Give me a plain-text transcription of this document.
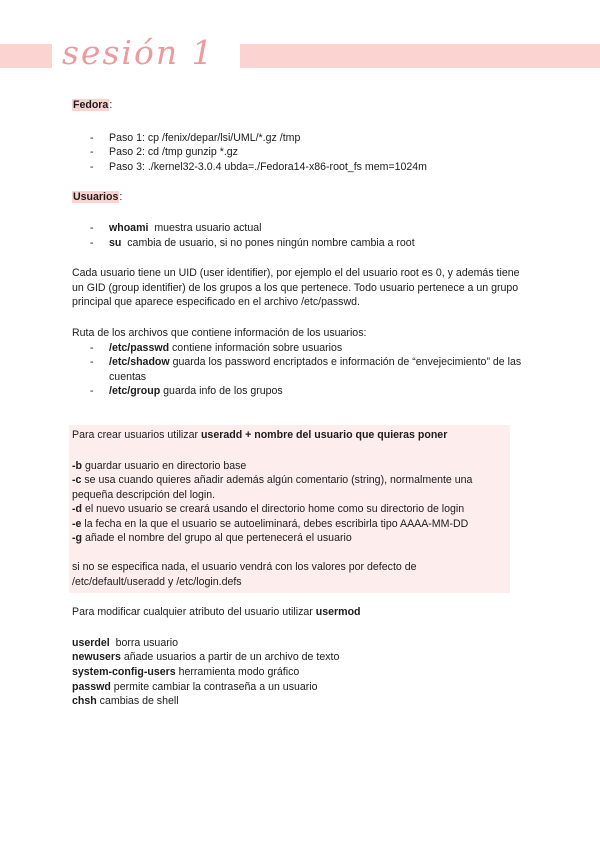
sesión 1

Fedora:

- Paso 1: cp /fenix/depar/lsi/UML/*.gz /tmp

- Paso 2: cd /tmp gunzip *.gz

- Paso 3: ./kernel32-3.0.4 ubda=./Fedora14-x86-root_fs mem=1024m

Usuarios:

- whoami  muestra usuario actual

- su  cambia de usuario, si no pones ningún nombre cambia a root

Cada usuario tiene un UID (user identifier), por ejemplo el del usuario root es 0, y además tiene un GID (group identifier) de los grupos a los que pertenece. Todo usuario pertenece a un grupo principal que aparece especificado en el archivo /etc/passwd.

Ruta de los archivos que contiene información de los usuarios:

- /etc/passwd contiene información sobre usuarios

- /etc/shadow guarda los password encriptados e información de “envejecimiento” de las cuentas

- /etc/group guarda info de los grupos

Para crear usuarios utilizar useradd + nombre del usuario que quieras poner

-b guardar usuario en directorio base

-c se usa cuando quieres añadir además algún comentario (string), normalmente una pequeña descripción del login.

-d el nuevo usuario se creará usando el directorio home como su directorio de login

-e la fecha en la que el usuario se autoeliminará, debes escribirla tipo AAAA-MM-DD

-g añade el nombre del grupo al que pertenecerá el usuario

si no se especifica nada, el usuario vendrá con los valores por defecto de /etc/default/useradd y /etc/login.defs

Para modificar cualquier atributo del usuario utilizar usermod

userdel  borra usuario

newusers añade usuarios a partir de un archivo de texto

system-config-users herramienta modo gráfico

passwd permite cambiar la contraseña a un usuario

chsh cambias de shell
